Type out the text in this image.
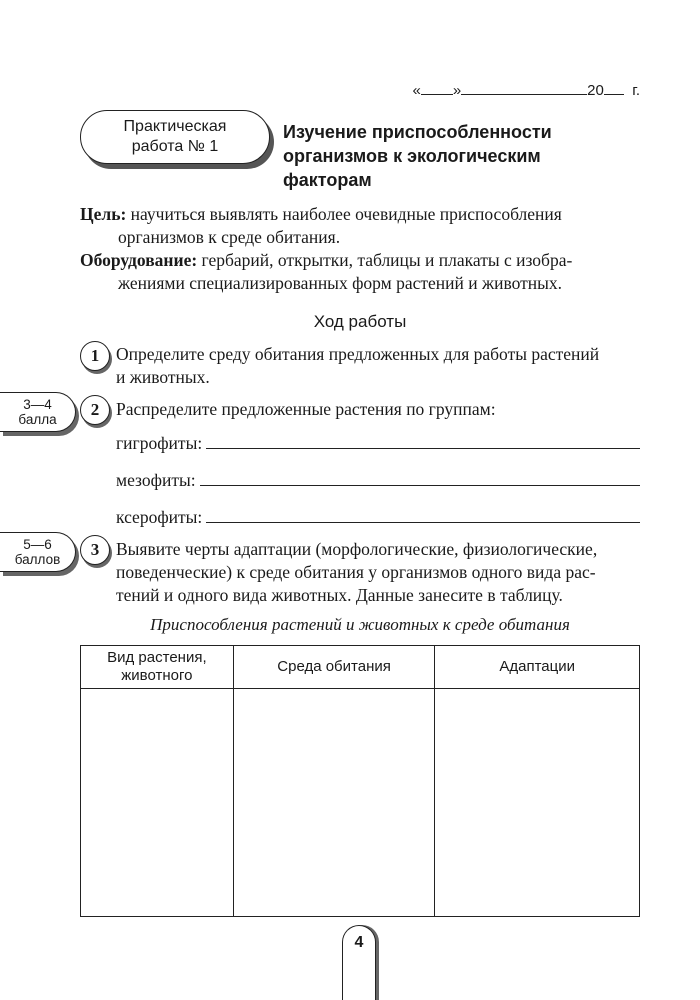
« »	20 г.
Практическая
работа № 1
Изучение приспособленности
организмов к экологическим
факторам
Цель: научиться выявлять наиболее очевидные приспособления
организмов к среде обитания.
Оборудование: гербарий, открытки, таблицы и плакаты с изобра-
жениями специализированных форм растений и животных.
Ход работы
1 Определите среду обитания предложенных для работы растений
и животных.
3—4
балла
2 Распределите предложенные растения по группам:
гигрофиты:
мезофиты:
ксерофиты:
5—6
баллов
3 Выявите черты адаптации (морфологические, физиологические,
поведенческие) к среде обитания у организмов одного вида рас-
тений и одного вида животных. Данные занесите в таблицу.
Приспособления растений и животных к среде обитания
Вид растения, животного	Среда обитания	Адаптации

4
